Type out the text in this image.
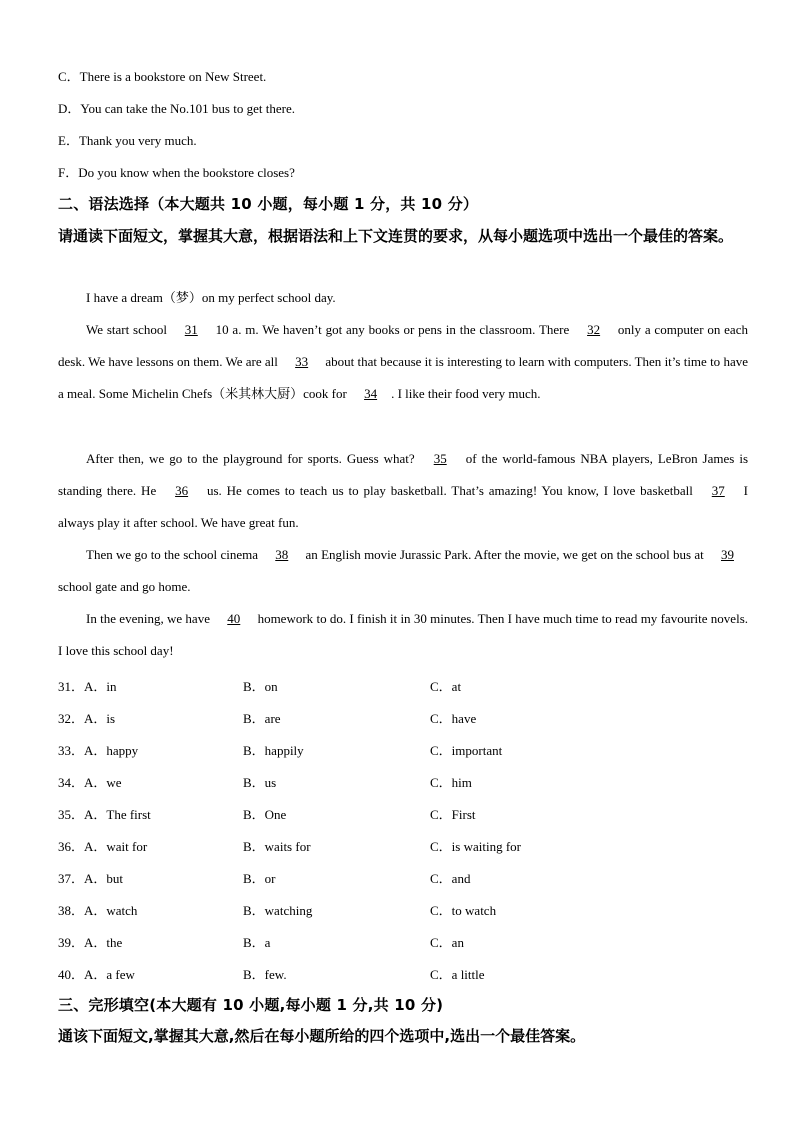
C．There is a bookstore on New Street.
D．You can take the No.101 bus to get there.
E．Thank you very much.
F．Do you know when the bookstore closes?
二、语法选择（本大题共 10 小题，每小题 1 分，共 10 分）
请通读下面短文，掌握其大意，根据语法和上下文连贯的要求，从每小题选项中选出一个最佳的答案。

I have a dream（梦）on my perfect school day.

We start school 31 10 a. m. We haven’t got any books or pens in the classroom. There 32 only a computer on each desk. We have lessons on them. We are all 33 about that because it is interesting to learn with computers. Then it’s time to have a meal. Some Michelin Chefs（米其林大厨）cook for 34 . I like their food very much.

After then, we go to the playground for sports. Guess what? 35 of the world-famous NBA players, LeBron James is standing there. He 36 us. He comes to teach us to play basketball. That’s amazing! You know, I love basketball 37 I always play it after school. We have great fun.

Then we go to the school cinema 38 an English movie Jurassic Park. After the movie, we get on the school bus at 39 school gate and go home.

In the evening, we have 40 homework to do. I finish it in 30 minutes. Then I have much time to read my favourite novels. I love this school day!

31．A．in	B．on	C．at
32．A．is	B．are	C．have
33．A．happy	B．happily	C．important
34．A．we	B．us	C．him
35．A．The first	B．One	C．First
36．A．wait for	B．waits for	C．is waiting for
37．A．but	B．or	C．and
38．A．watch	B．watching	C．to watch
39．A．the	B．a	C．an
40．A．a few	B．few.	C．a little
三、完形填空(本大题有 10 小题,每小题 1 分,共 10 分)
通该下面短文,掌握其大意,然后在每小题所给的四个选项中,选出一个最佳答案。
